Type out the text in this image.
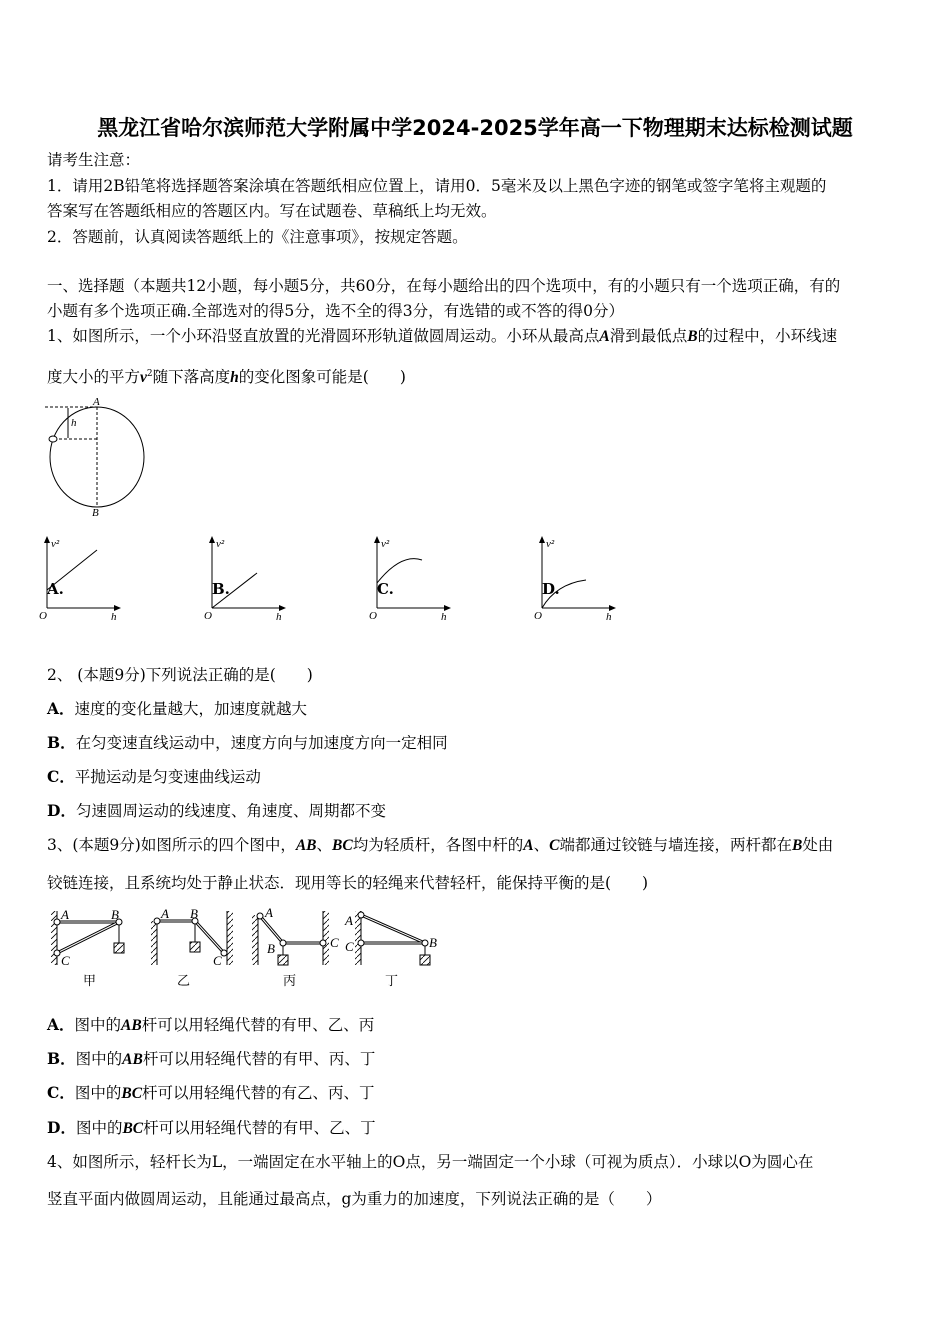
黑龙江省哈尔滨师范大学附属中学2024-2025学年高一下物理期末达标检测试题
请考生注意：
1．请用2B铅笔将选择题答案涂填在答题纸相应位置上，请用0．5毫米及以上黑色字迹的钢笔或签字笔将主观题的
答案写在答题纸相应的答题区内。写在试题卷、草稿纸上均无效。
2．答题前，认真阅读答题纸上的《注意事项》，按规定答题。
一、选择题（本题共12小题，每小题5分，共60分，在每小题给出的四个选项中，有的小题只有一个选项正确，有的
小题有多个选项正确.全部选对的得5分，选不全的得3分，有选错的或不答的得0分）
1、如图所示，一个小环沿竖直放置的光滑圆环形轨道做圆周运动。小环从最高点A滑到最低点B的过程中，小环线速
度大小的平方$v^2$随下落高度h的变化图象可能是(　　)
A
h
B
A.
v²
O	h
B.
v²
O	h
C.
v²
O	h
D.
v²
O	h
2、 (本题9分)下列说法正确的是(　　)
A．速度的变化量越大，加速度就越大
B．在匀变速直线运动中，速度方向与加速度方向一定相同
C．平抛运动是匀变速曲线运动
D．匀速圆周运动的线速度、角速度、周期都不变
3、(本题9分)如图所示的四个图中，AB、BC均为轻质杆，各图中杆的A、C端都通过铰链与墙连接，两杆都在B处由
铰链连接，且系统均处于静止状态．现用等长的轻绳来代替轻杆，能保持平衡的是(　　)
A	B
C
A B
C
A
B	C
A
C	B
甲	乙	丙	丁
A．图中的AB杆可以用轻绳代替的有甲、乙、丙
B．图中的AB杆可以用轻绳代替的有甲、丙、丁
C．图中的BC杆可以用轻绳代替的有乙、丙、丁
D．图中的BC杆可以用轻绳代替的有甲、乙、丁
4、如图所示，轻杆长为L，一端固定在水平轴上的O点，另一端固定一个小球（可视为质点）．小球以O为圆心在
竖直平面内做圆周运动，且能通过最高点，g为重力的加速度，下列说法正确的是（　　）
